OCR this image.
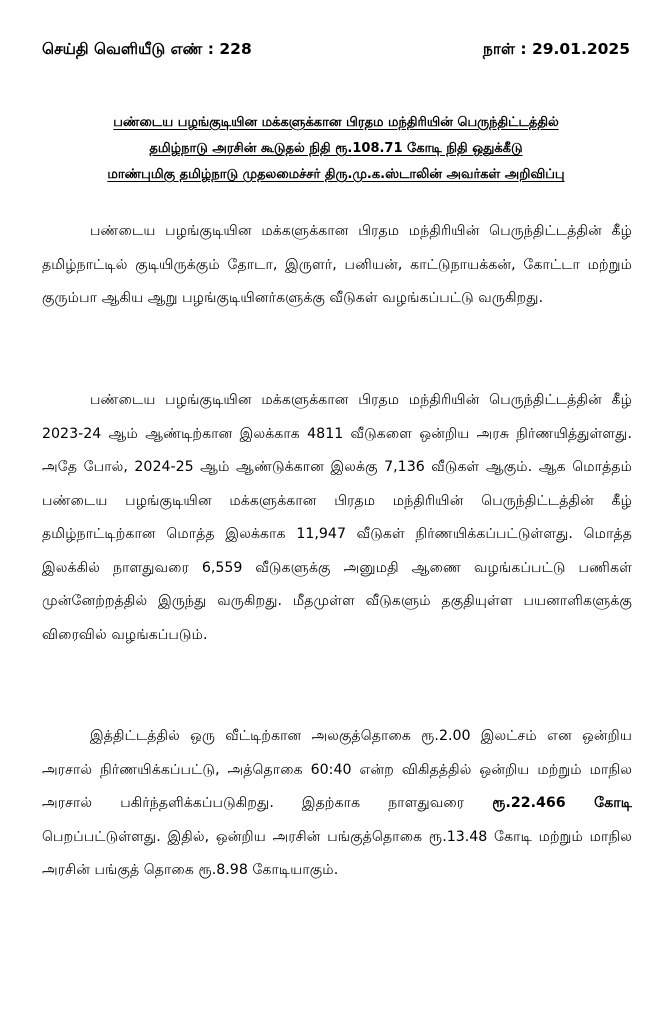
செய்தி வெளியீடு எண் : 228	நாள் : 29.01.2025
பண்டைய பழங்குடியின மக்களுக்கான பிரதம மந்திரியின் பெருந்திட்டத்தில்
தமிழ்நாடு அரசின் கூடுதல் நிதி ரூ.108.71 கோடி நிதி ஒதுக்கீடு
மாண்புமிகு தமிழ்நாடு முதலமைச்சர் திரு.மு.க.ஸ்டாலின் அவர்கள் அறிவிப்பு

பண்டைய பழங்குடியின மக்களுக்கான பிரதம மந்திரியின் பெருந்திட்டத்தின் கீழ் தமிழ்நாட்டில் குடியிருக்கும் தோடா, இருளர், பனியன், காட்டுநாயக்கன், கோட்டா மற்றும் குரும்பா ஆகிய ஆறு பழங்குடியினர்களுக்கு வீடுகள் வழங்கப்பட்டு வருகிறது.

பண்டைய பழங்குடியின மக்களுக்கான பிரதம மந்திரியின் பெருந்திட்டத்தின் கீழ் 2023-24 ஆம் ஆண்டிற்கான இலக்காக 4811 வீடுகளை ஒன்றிய அரசு நிர்ணயித்துள்ளது. அதே போல், 2024-25 ஆம் ஆண்டுக்கான இலக்கு 7,136 வீடுகள் ஆகும். ஆக மொத்தம் பண்டைய பழங்குடியின மக்களுக்கான பிரதம மந்திரியின் பெருந்திட்டத்தின் கீழ் தமிழ்நாட்டிற்கான மொத்த இலக்காக 11,947 வீடுகள் நிர்ணயிக்கப்பட்டுள்ளது. மொத்த இலக்கில் நாளதுவரை 6,559 வீடுகளுக்கு அனுமதி ஆணை வழங்கப்பட்டு பணிகள் முன்னேற்றத்தில் இருந்து வருகிறது. மீதமுள்ள வீடுகளும் தகுதியுள்ள பயனாளிகளுக்கு விரைவில் வழங்கப்படும்.

இத்திட்டத்தில் ஒரு வீட்டிற்கான அலகுத்தொகை ரூ.2.00 இலட்சம் என ஒன்றிய அரசால் நிர்ணயிக்கப்பட்டு, அத்தொகை 60:40 என்ற விகிதத்தில் ஒன்றிய மற்றும் மாநில அரசால் பகிர்ந்தளிக்கப்படுகிறது. இதற்காக நாளதுவரை ரூ.22.466 கோடி பெறப்பட்டுள்ளது. இதில், ஒன்றிய அரசின் பங்குத்தொகை ரூ.13.48 கோடி மற்றும் மாநில அரசின் பங்குத் தொகை ரூ.8.98 கோடியாகும்.
